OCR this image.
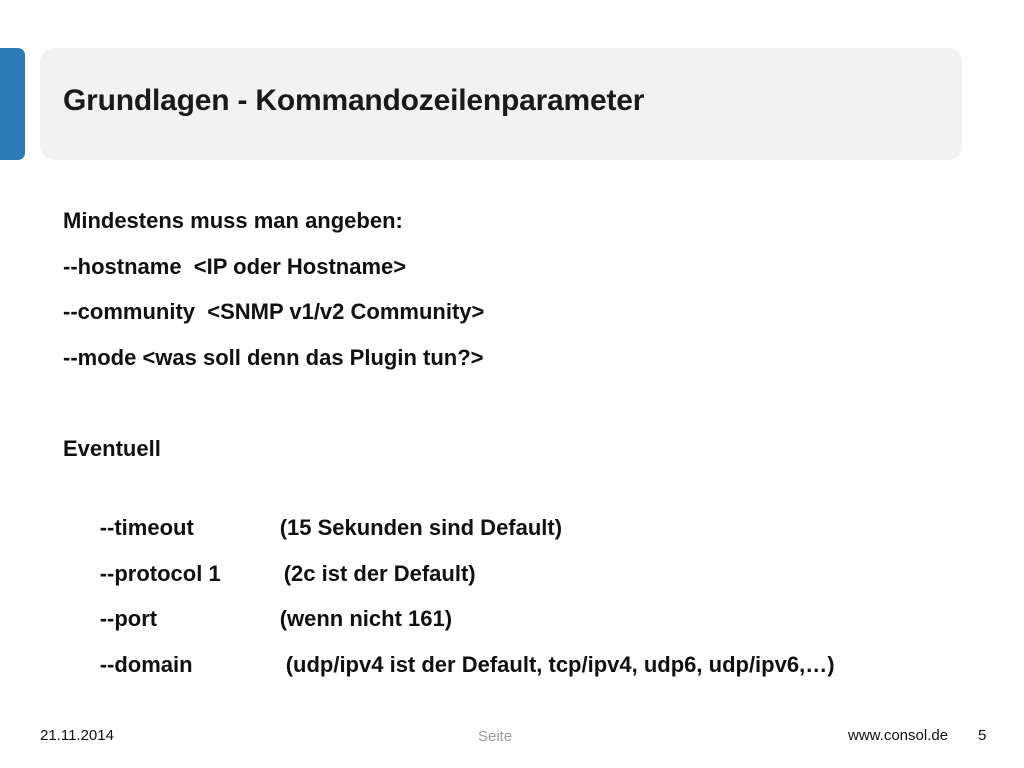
Grundlagen - Kommandozeilenparameter
Mindestens muss man angeben:
--hostname  <IP oder Hostname>
--community  <SNMP v1/v2 Community>
--mode <was soll denn das Plugin tun?>
Eventuell

--timeout	(15 Sekunden sind Default)

--protocol 1	(2c ist der Default)

--port	(wenn nicht 161)

--domain	(udp/ipv4 ist der Default, tcp/ipv4, udp6, udp/ipv6,…)

21.11.2014	Seite	www.consol.de 5
